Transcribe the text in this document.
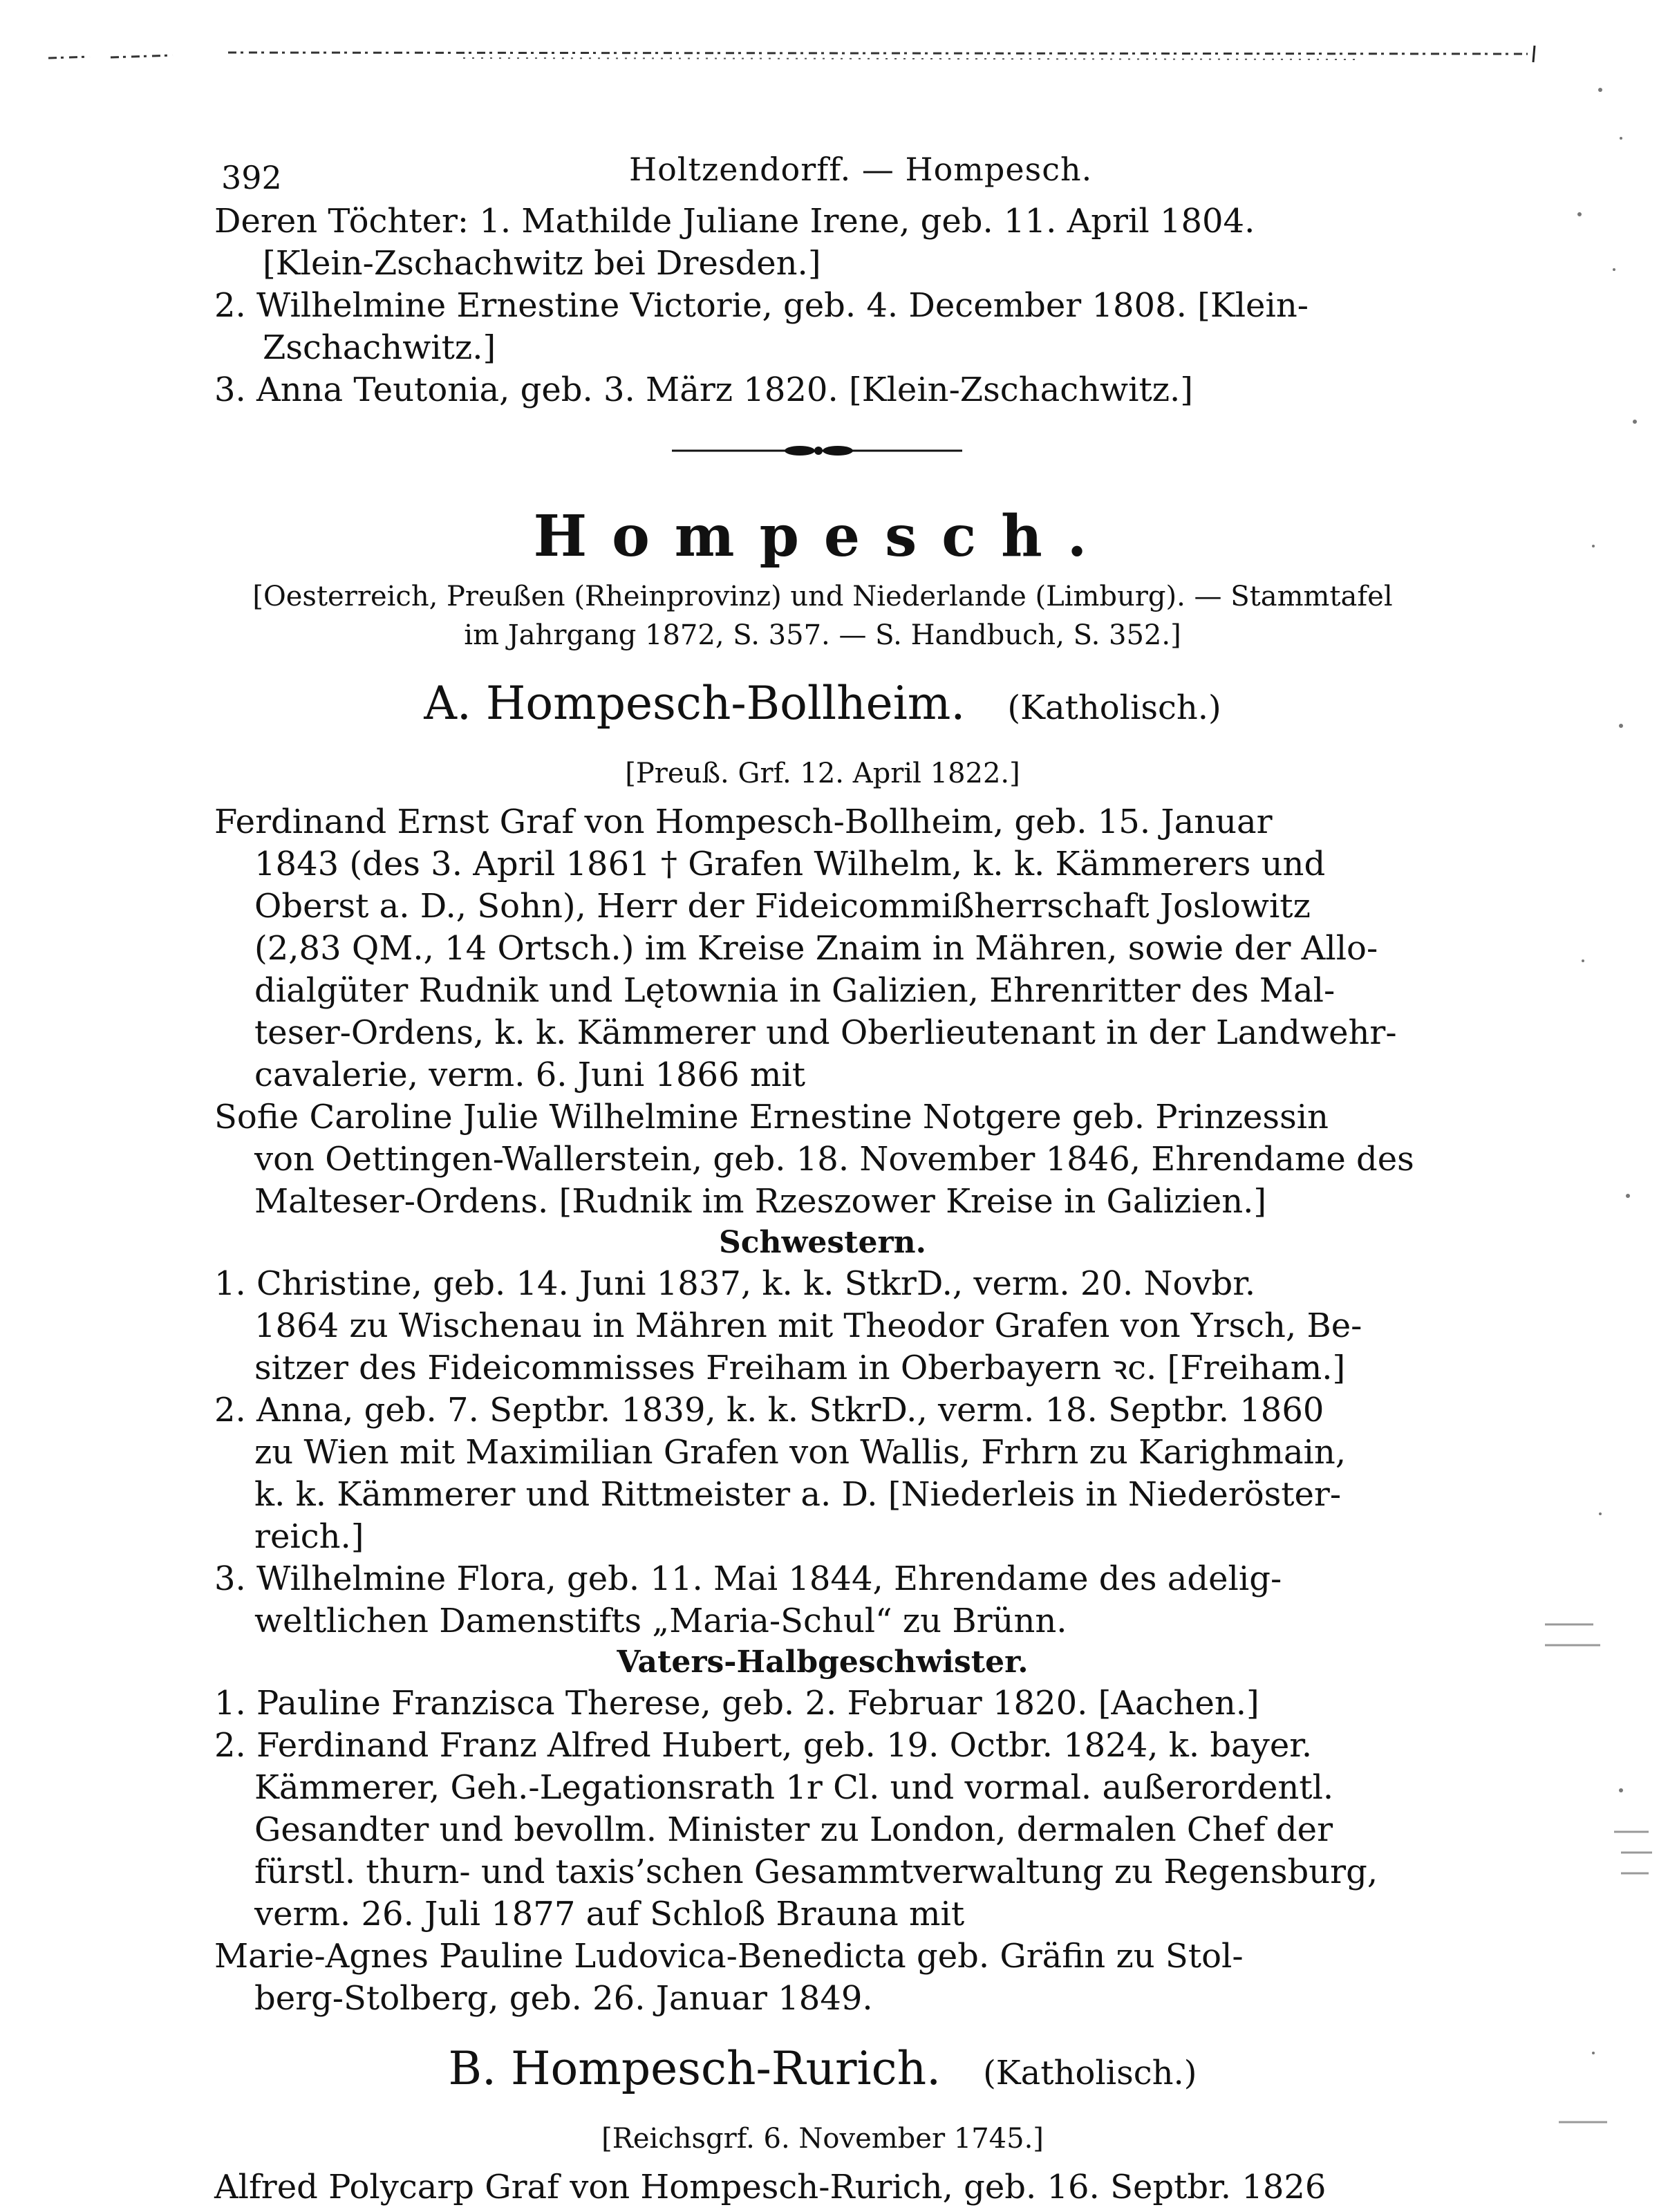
392	Holtzendorff. — Hompesch.
Deren Töchter: 1. Mathilde Juliane Irene, geb. 11. April 1804.
[Klein-Zschachwitz bei Dresden.]
2. Wilhelmine Ernestine Victorie, geb. 4. December 1808. [Klein-
Zschachwitz.]
3. Anna Teutonia, geb. 3. März 1820. [Klein-Zschachwitz.]
Hompesch.
[Oesterreich, Preußen (Rheinprovinz) und Niederlande (Limburg). — Stammtafel
im Jahrgang 1872, S. 357. — S. Handbuch, S. 352.]
A. Hompesch-Bollheim. (Katholisch.)
[Preuß. Grf. 12. April 1822.]
Ferdinand Ernst Graf von Hompesch-Bollheim, geb. 15. Januar
1843 (des 3. April 1861 † Grafen Wilhelm, k. k. Kämmerers und
Oberst a. D., Sohn), Herr der Fideicommißherrschaft Joslowitz
(2,83 QM., 14 Ortsch.) im Kreise Znaim in Mähren, sowie der Allo-
dialgüter Rudnik und Lętownia in Galizien, Ehrenritter des Mal-
teser-Ordens, k. k. Kämmerer und Oberlieutenant in der Landwehr-
cavalerie, verm. 6. Juni 1866 mit
Sofie Caroline Julie Wilhelmine Ernestine Notgere geb. Prinzessin
von Oettingen-Wallerstein, geb. 18. November 1846, Ehrendame des
Malteser-Ordens. [Rudnik im Rzeszower Kreise in Galizien.]
Schwestern.
1. Christine, geb. 14. Juni 1837, k. k. StkrD., verm. 20. Novbr.
1864 zu Wischenau in Mähren mit Theodor Grafen von Yrsch, Be-
sitzer des Fideicommisses Freiham in Oberbayern ꝛc. [Freiham.]
2. Anna, geb. 7. Septbr. 1839, k. k. StkrD., verm. 18. Septbr. 1860
zu Wien mit Maximilian Grafen von Wallis, Frhrn zu Karighmain,
k. k. Kämmerer und Rittmeister a. D. [Niederleis in Niederöster-
reich.]
3. Wilhelmine Flora, geb. 11. Mai 1844, Ehrendame des adelig-
weltlichen Damenstifts „Maria-Schul“ zu Brünn.
Vaters-Halbgeschwister.
1. Pauline Franzisca Therese, geb. 2. Februar 1820. [Aachen.]
2. Ferdinand Franz Alfred Hubert, geb. 19. Octbr. 1824, k. bayer.
Kämmerer, Geh.-Legationsrath 1r Cl. und vormal. außerordentl.
Gesandter und bevollm. Minister zu London, dermalen Chef der
fürstl. thurn- und taxis’schen Gesammtverwaltung zu Regensburg,
verm. 26. Juli 1877 auf Schloß Brauna mit
Marie-Agnes Pauline Ludovica-Benedicta geb. Gräfin zu Stol-
berg-Stolberg, geb. 26. Januar 1849.
B. Hompesch-Rurich. (Katholisch.)
[Reichsgrf. 6. November 1745.]
Alfred Polycarp Graf von Hompesch-Rurich, geb. 16. Septbr. 1826
